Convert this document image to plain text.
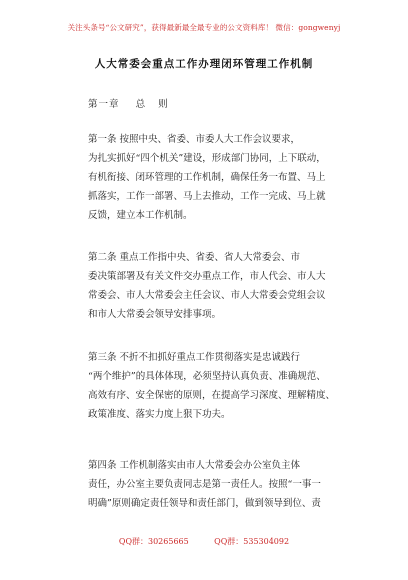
关注头条号“公文研究”，获得最新最全最专业的公文资料库！ 微信：gongwenyj
人大常委会重点工作办理闭环管理工作机制
第一章    总   则
第一条 按照中央、省委、市委人大工作会议要求，
为扎实抓好“四个机关”建设，形成部门协同，上下联动，
有机衔接、闭环管理的工作机制，确保任务一布置、马上
抓落实，工作一部署、马上去推动，工作一完成、马上就
反馈，建立本工作机制。
第二条 重点工作指中央、省委、省人大常委会、市
委决策部署及有关文件交办重点工作，市人代会、市人大
常委会、市人大常委会主任会议、市人大常委会党组会议
和市人大常委会领导安排事项。
第三条 不折不扣抓好重点工作贯彻落实是忠诚践行
“两个维护”的具体体现，必须坚持认真负责、准确规范、
高效有序、安全保密的原则，在提高学习深度、理解精度、
政策准度、落实力度上狠下功夫。
第四条 工作机制落实由市人大常委会办公室负主体
责任，办公室主要负责同志是第一责任人。按照“一事一
明确”原则确定责任领导和责任部门，做到领导到位、责
QQ群：30265665          QQ群：535304092
